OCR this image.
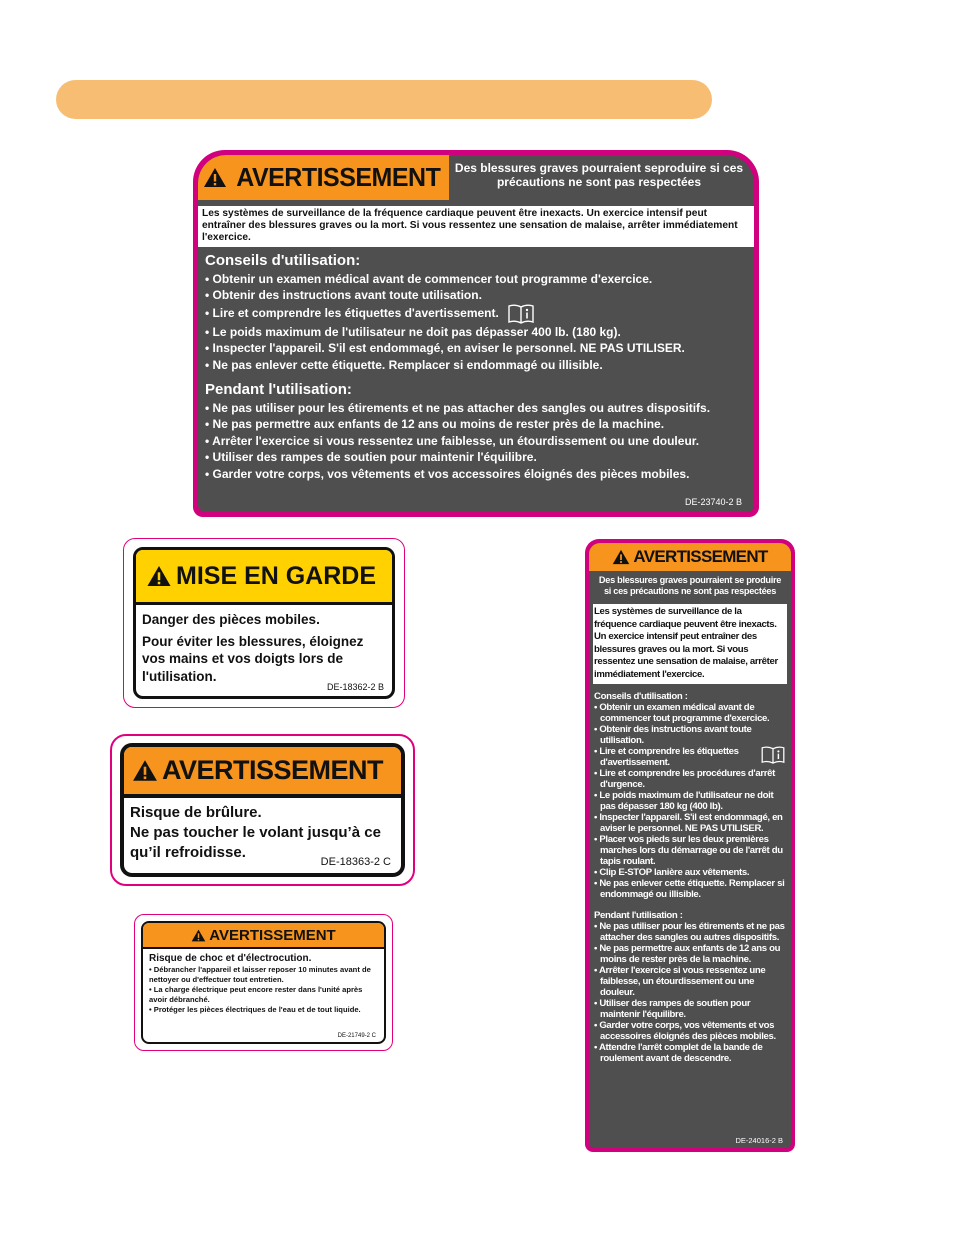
AVERTISSEMENT Des blessures graves pourraient seproduire si ces précautions ne sont pas respectées
Les systèmes de surveillance de la fréquence cardiaque peuvent être inexacts. Un exercice intensif peut entraîner des blessures graves ou la mort. Si vous ressentez une sensation de malaise, arrêter immédiatement l'exercice.
Conseils d'utilisation:
• Obtenir un examen médical avant de commencer tout programme d'exercice.
• Obtenir des instructions avant toute utilisation.
• Lire et comprendre les étiquettes d'avertissement.
• Le poids maximum de l'utilisateur ne doit pas dépasser 400 lb. (180 kg).
• Inspecter l'appareil. S'il est endommagé, en aviser le personnel. NE PAS UTILISER.
• Ne pas enlever cette étiquette. Remplacer si endommagé ou illisible.
Pendant l'utilisation:
• Ne pas utiliser pour les étirements et ne pas attacher des sangles ou autres dispositifs.
• Ne pas permettre aux enfants de 12 ans ou moins de rester près de la machine.
• Arrêter l'exercice si vous ressentez une faiblesse, un étourdissement ou une douleur.
• Utiliser des rampes de soutien pour maintenir l'équilibre.
• Garder votre corps, vos vêtements et vos accessoires éloignés des pièces mobiles.
DE-23740-2 B
MISE EN GARDE

Danger des pièces mobiles.

Pour éviter les blessures, éloignez vos mains et vos doigts lors de l'utilisation.

DE-18362-2 B
AVERTISSEMENT

Risque de brûlure.

Ne pas toucher le volant jusqu’à ce qu’il refroidisse.

DE-18363-2 C
AVERTISSEMENT
Risque de choc et d'électrocution.
• Débrancher l'appareil et laisser reposer 10 minutes avant de nettoyer ou d'effectuer tout entretien.
• La charge électrique peut encore rester dans l'unité après avoir débranché.
• Protéger les pièces électriques de l'eau et de tout liquide.
DE-21749-2 C
AVERTISSEMENT
Des blessures graves pourraient se produire si ces précautions ne sont pas respectées
Les systèmes de surveillance de la fréquence cardiaque peuvent être inexacts. Un exercice intensif peut entraîner des blessures graves ou la mort. Si vous ressentez une sensation de malaise, arrêter immédiatement l'exercice.
Conseils d'utilisation :
• Obtenir un examen médical avant de commencer tout programme d'exercice.
• Obtenir des instructions avant toute utilisation.
• Lire et comprendre les étiquettes d'avertissement.
• Lire et comprendre les procédures d'arrêt d'urgence.
• Le poids maximum de l'utilisateur ne doit pas dépasser 180 kg (400 lb).
• Inspecter l'appareil. S'il est endommagé, en aviser le personnel. NE PAS UTILISER.
• Placer vos pieds sur les deux premières marches lors du démarrage ou de l'arrêt du tapis roulant.
• Clip E-STOP lanière aux vêtements.
• Ne pas enlever cette étiquette. Remplacer si endommagé ou illisible.
Pendant l'utilisation :
• Ne pas utiliser pour les étirements et ne pas attacher des sangles ou autres dispositifs.
• Ne pas permettre aux enfants de 12 ans ou moins de rester près de la machine.
• Arrêter l'exercice si vous ressentez une faiblesse, un étourdissement ou une douleur.
• Utiliser des rampes de soutien pour maintenir l'équilibre.
• Garder votre corps, vos vêtements et vos accessoires éloignés des pièces mobiles.
• Attendre l'arrêt complet de la bande de roulement avant de descendre.
DE-24016-2 B
